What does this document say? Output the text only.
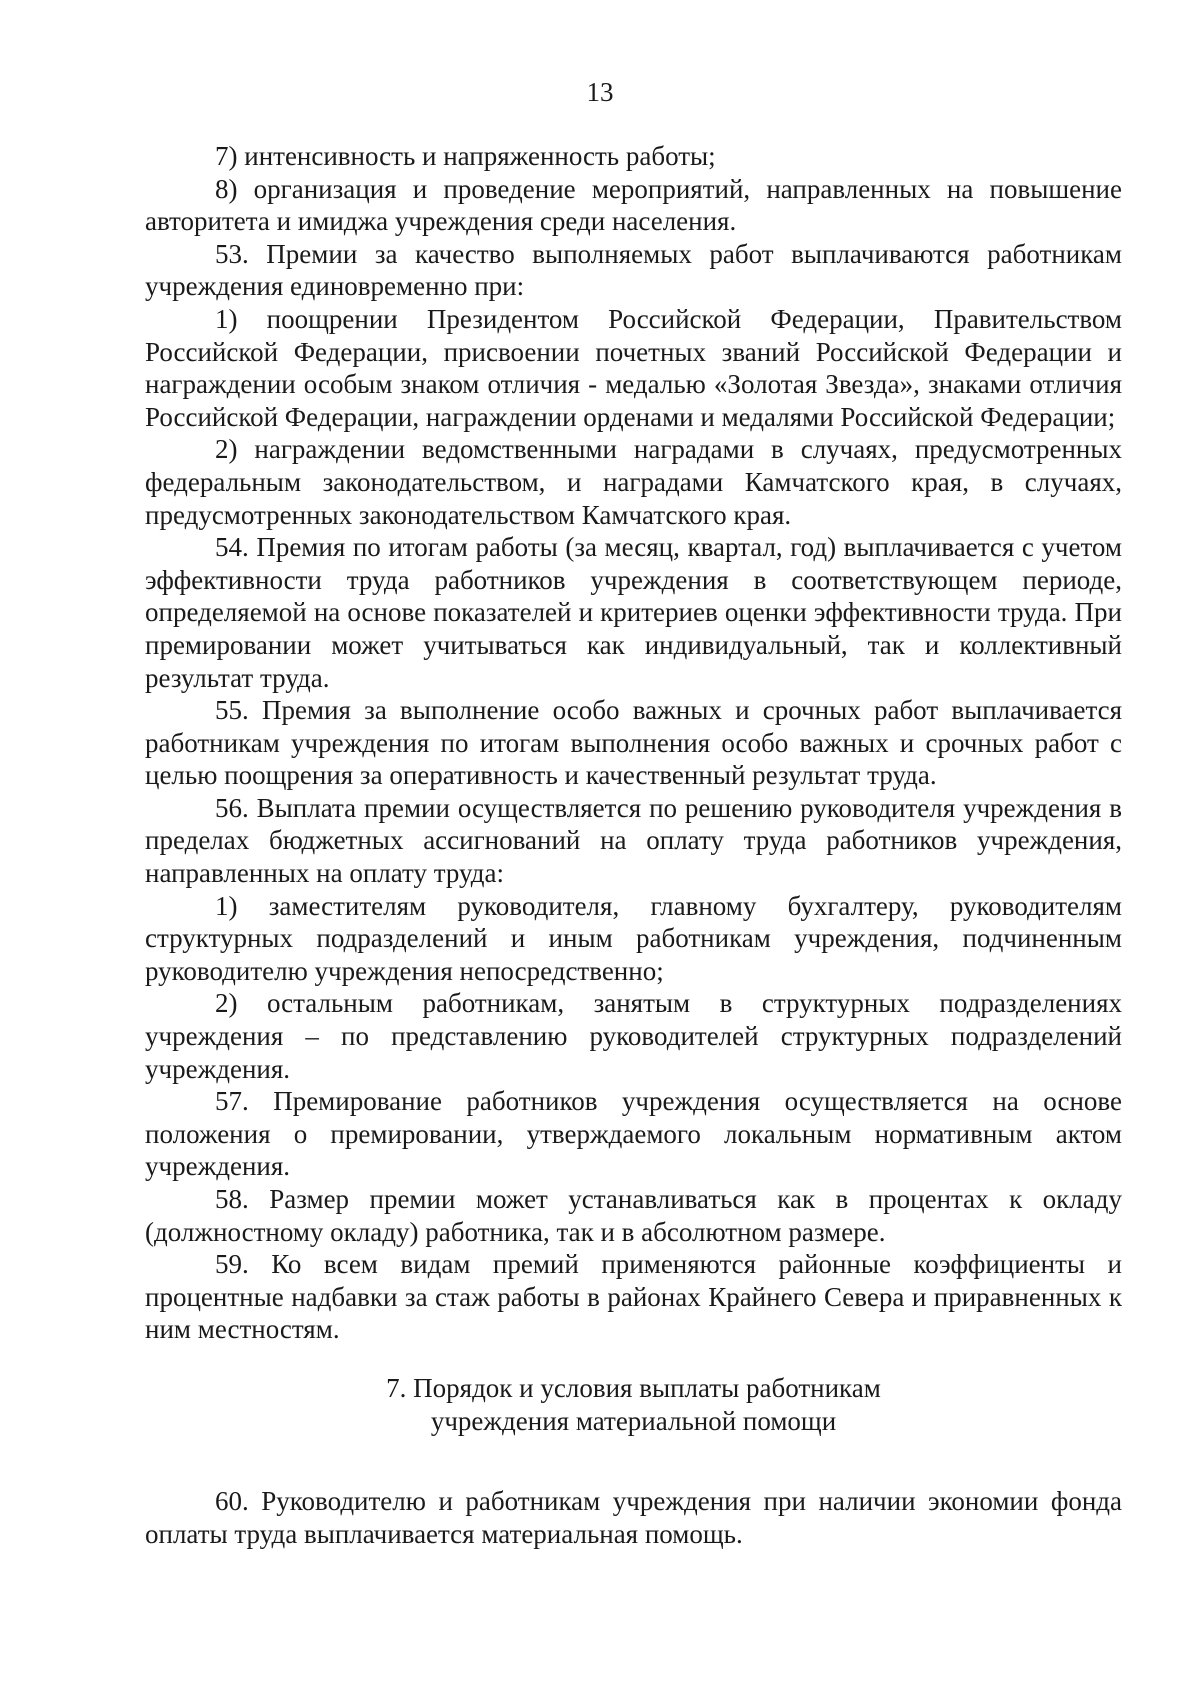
13

7) интенсивность и напряженность работы;

8) организация и проведение мероприятий, направленных на повышение авторитета и имиджа учреждения среди населения.

53. Премии за качество выполняемых работ выплачиваются работникам учреждения единовременно при:

1) поощрении Президентом Российской Федерации, Правительством Российской Федерации, присвоении почетных званий Российской Федерации и награждении особым знаком отличия - медалью «Золотая Звезда», знаками отличия Российской Федерации, награждении орденами и медалями Российской Федерации;

2) награждении ведомственными наградами в случаях, предусмотренных федеральным законодательством, и наградами Камчатского края, в случаях, предусмотренных законодательством Камчатского края.

54. Премия по итогам работы (за месяц, квартал, год) выплачивается с учетом эффективности труда работников учреждения в соответствующем периоде, определяемой на основе показателей и критериев оценки эффективности труда. При премировании может учитываться как индивидуальный, так и коллективный результат труда.

55. Премия за выполнение особо важных и срочных работ выплачивается работникам учреждения по итогам выполнения особо важных и срочных работ с целью поощрения за оперативность и качественный результат труда.

56. Выплата премии осуществляется по решению руководителя учреждения в пределах бюджетных ассигнований на оплату труда работников учреждения, направленных на оплату труда:

1) заместителям руководителя, главному бухгалтеру, руководителям структурных подразделений и иным работникам учреждения, подчиненным руководителю учреждения непосредственно;

2) остальным работникам, занятым в структурных подразделениях учреждения – по представлению руководителей структурных подразделений учреждения.

57. Премирование работников учреждения осуществляется на основе положения о премировании, утверждаемого локальным нормативным актом учреждения.

58. Размер премии может устанавливаться как в процентах к окладу (должностному окладу) работника, так и в абсолютном размере.

59. Ко всем видам премий применяются районные коэффициенты и процентные надбавки за стаж работы в районах Крайнего Севера и приравненных к ним местностям.

7. Порядок и условия выплаты работникам
учреждения материальной помощи

60. Руководителю и работникам учреждения при наличии экономии фонда оплаты труда выплачивается материальная помощь.
